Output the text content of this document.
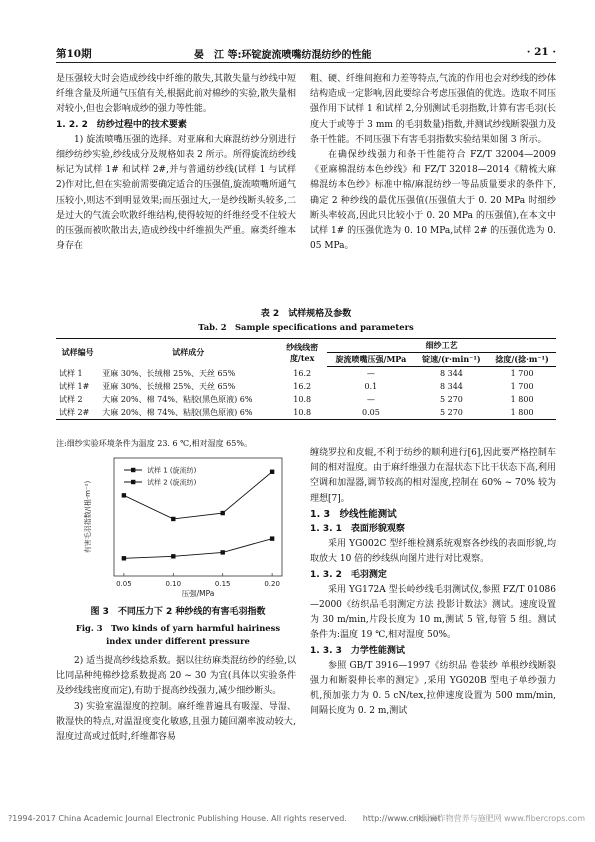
第10期	晏　江 等:环锭旋流喷嘴纺混纺纱的性能	· 21 ·

是压强较大时会造成纱线中纤维的散失,其散失量与纱线中短纤维含量及所通气压值有关,根据此前对棉纱的实验,散失量相对较小,但也会影响成纱的强力等性能。

1. 2. 2　纺纱过程中的技术要素

1) 旋流喷嘴压强的选择。对亚麻和大麻混纺纱分别进行细纱纺纱实验,纱线成分及规格如表 2 所示。所得旋流纺纱线标记为试样 1# 和试样 2#,并与普通纺纱线(试样 1 与试样 2)作对比,但在实验前需要确定适合的压强值,旋流喷嘴所通气压较小,则达不到明显效果;而压强过大,一是纱线断头较多,二是过大的气流会吹散纤维结构,使得较短的纤维经受不住较大的压强而被吹散出去,造成纱线中纤维损失严重。麻类纤维本身存在

粗、硬、纤维间抱和力差等特点,气流的作用也会对纱线的纱体结构造成一定影响,因此要综合考虑压强值的优选。选取不同压强作用下试样 1 和试样 2,分别测试毛羽指数,计算有害毛羽(长度大于或等于 3 mm 的毛羽数量)指数,并测试纱线断裂强力及条干性能。不同压强下有害毛羽指数实验结果如图 3 所示。

在确保纱线强力和条干性能符合 FZ/T 32004—2009《亚麻棉混纺本色纱线》和 FZ/T 32018—2014《精梳大麻棉混纺本色纱》标准中棉/麻混纺纱一等品质量要求的条件下,确定 2 种纱线的最优压强值(压强值大于 0. 20 MPa 时细纱断头率较高,因此只比较小于 0. 20 MPa 的压强值),在本文中试样 1# 的压强优选为 0. 10 MPa,试样 2# 的压强优选为 0. 05 MPa。

表 2　试样规格及参数
Tab. 2　Sample specifications and parameters
试样编号	试样成分	纱线线密度/tex	细纱工艺		
			旋流喷嘴压强/MPa	锭速/(r·min⁻¹)	捻度/(捻·m⁻¹)
试样 1	亚麻 30%、长绒棉 25%、天丝 65%	16.2	—	8 344	1 700
试样 1#	亚麻 30%、长绒棉 25%、天丝 65%	16.2	0.1	8 344	1 700
试样 2	大麻 20%、棉 74%、粘胶(黑色原液) 6%	10.8	—	5 270	1 800
试样 2#	大麻 20%、棉 74%、粘胶(黑色原液) 6%	10.8	0.05	5 270	1 800
注:细纱实验环境条件为温度 23. 6 ℃,相对湿度 65%。
0.05	0.10	0.15	0.20
压强/MPa
有害毛羽指数/(根·m⁻¹)
试样 1 (旋流纺)
试样 2 (旋流纺)
图 3　不同压力下 2 种纱线的有害毛羽指数
Fig. 3　Two kinds of yarn harmful hairiness
index under different pressure

2) 适当提高纱线捻系数。据以往纺麻类混纺纱的经验,以比同品种纯棉纱捻系数提高 20 ~ 30 为宜(具体以实验条件及纱线线密度而定),有助于提高纱线强力,减少细纱断头。

3) 实验室温湿度的控制。麻纤维普遍具有吸湿、导湿、散湿快的特点,对温湿度变化敏感,且强力随回潮率波动较大,湿度过高或过低时,纤维都容易

缠绕罗拉和皮辊,不利于纺纱的顺利进行[6],因此要严格控制车间的相对湿度。由于麻纤维强力在湿状态下比干状态下高,利用空调和加湿器,调节较高的相对湿度,控制在 60% ~ 70% 较为理想[7]。

1. 3　纱线性能测试
1. 3. 1　表面形貌观察

采用 YG002C 型纤维检测系统观察各纱线的表面形貌,均取放大 10 倍的纱线纵向图片进行对比观察。

1. 3. 2　毛羽测定

采用 YG172A 型长岭纱线毛羽测试仪,参照 FZ/T 01086—2000《纺织品毛羽测定方法 投影计数法》测试。速度设置为 30 m/min,片段长度为 10 m,测试 5 管,每管 5 组。测试条件为:温度 19 ℃,相对湿度 50%。

1. 3. 3　力学性能测试

参照 GB/T 3916—1997《纺织品 卷装纱 单根纱线断裂强力和断裂伸长率的测定》,采用 YG020B 型电子单纱强力机,预加张力为 0. 5 cN/tex,拉伸速度设置为 500 mm/min,间隔长度为 0. 2 m,测试

?1994-2017 China Academic Journal Electronic Publishing House. All rights reserved.　　http://www.cnki.net
中国麻作物营养与施肥网 www.fibercrops.com
